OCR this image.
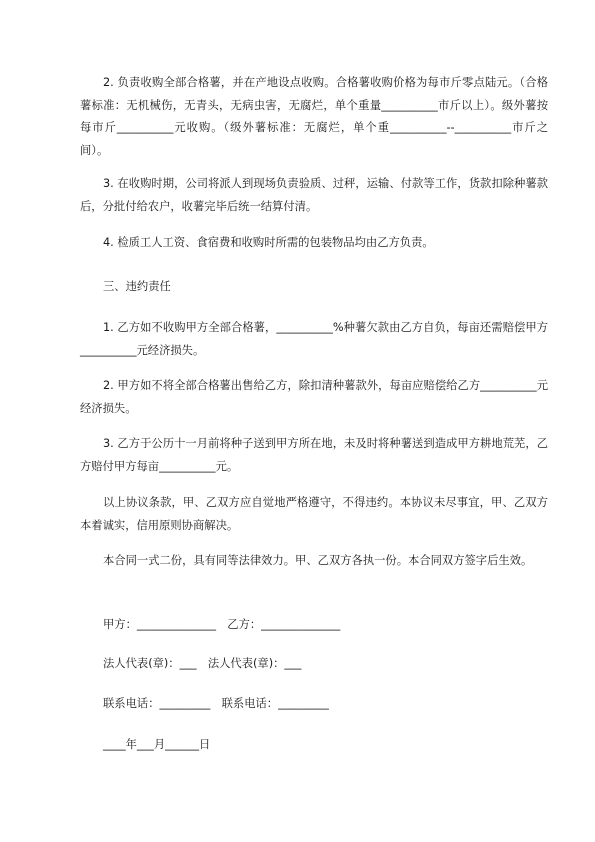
2. 负责收购全部合格薯，并在产地设点收购。合格薯收购价格为每市斤零点陆元。（合格薯标准：无机械伤，无青头，无病虫害，无腐烂，单个重量__________市斤以上）。级外薯按每市斤__________元收购。（级外薯标准：无腐烂，单个重__________--__________市斤之间）。

3. 在收购时期，公司将派人到现场负责验质、过秤，运输、付款等工作，货款扣除种薯款后，分批付给农户，收薯完毕后统一结算付清。

4. 检质工人工资、食宿费和收购时所需的包装物品均由乙方负责。

三、违约责任

1. 乙方如不收购甲方全部合格薯，__________%种薯欠款由乙方自负，每亩还需赔偿甲方__________元经济损失。

2. 甲方如不将全部合格薯出售给乙方，除扣清种薯款外，每亩应赔偿给乙方__________元经济损失。

3. 乙方于公历十一月前将种子送到甲方所在地，未及时将种薯送到造成甲方耕地荒芜，乙方赔付甲方每亩__________元。

以上协议条款，甲、乙双方应自觉地严格遵守，不得违约。本协议未尽事宜，甲、乙双方本着诚实，信用原则协商解决。

本合同一式二份，具有同等法律效力。甲、乙双方各执一份。本合同双方签字后生效。

甲方：______________　乙方：______________
法人代表(章)：___　法人代表(章)：___
联系电话：_________　联系电话：_________
____年___月______日
